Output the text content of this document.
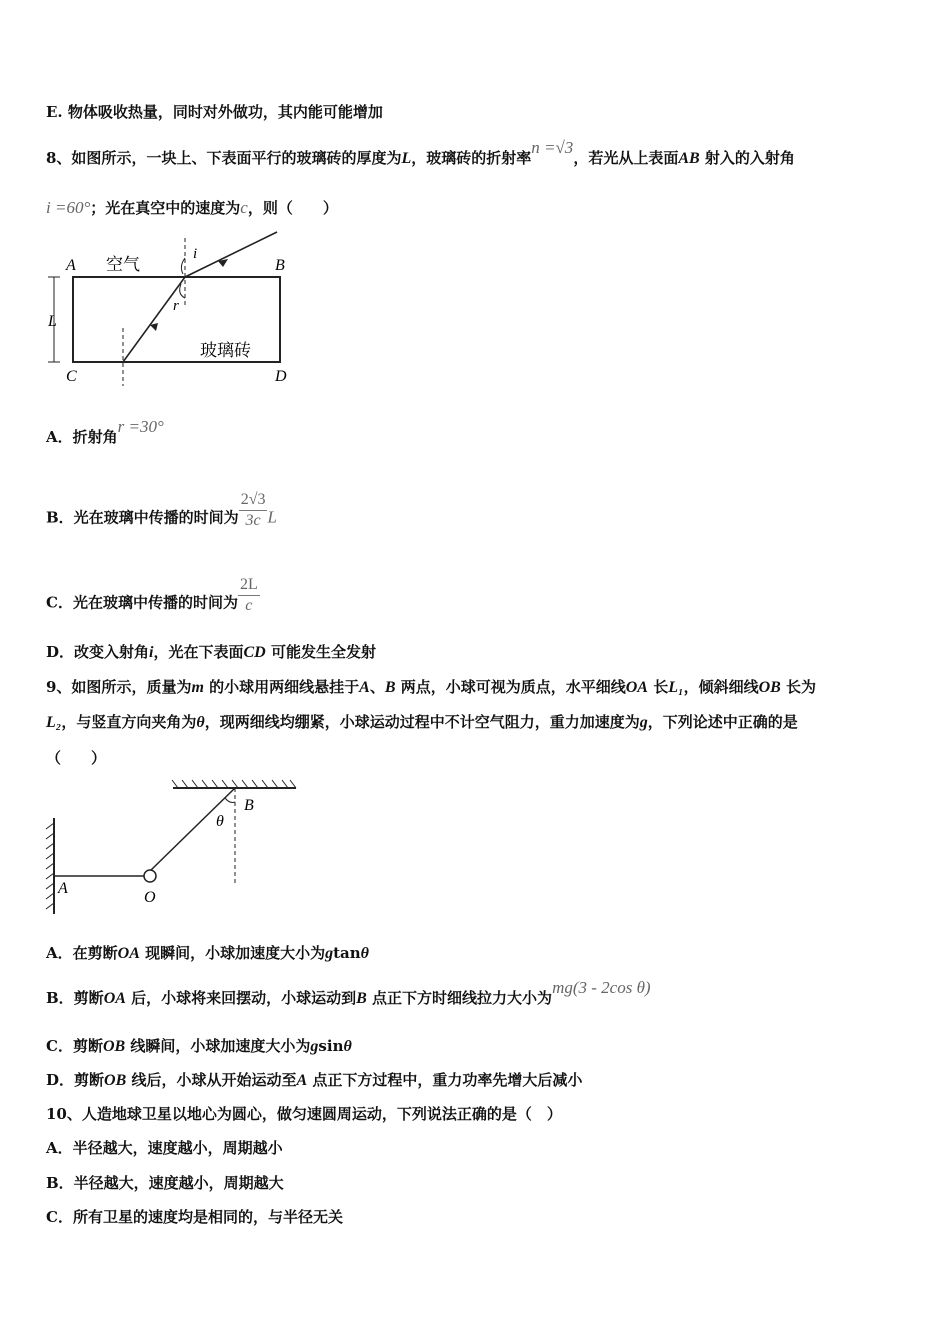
E. 物体吸收热量，同时对外做功，其内能可能增加
8、如图所示，一块上、下表面平行的玻璃砖的厚度为L，玻璃砖的折射率n =√3，若光从上表面AB 射入的入射角
i =60°；光在真空中的速度为c，则（　　）
A．折射角r =30°
B．光在玻璃中传播的时间为 $\frac{2√3}{3c}$ L
C．光在玻璃中传播的时间为 $\frac{2L}{c}$
D．改变入射角i，光在下表面CD 可能发生全发射
9、如图所示，质量为m 的小球用两细线悬挂于A、B 两点，小球可视为质点，水平细线OA 长L₁，倾斜细线OB 长为
L₂，与竖直方向夹角为θ，现两细线均绷紧，小球运动过程中不计空气阻力，重力加速度为g，下列论述中正确的是
（　　）
A．在剪断OA 现瞬间，小球加速度大小为gtanθ
B．剪断OA 后，小球将来回摆动，小球运动到B 点正下方时细线拉力大小为mg(3 - 2cos θ)
C．剪断OB 线瞬间，小球加速度大小为gsinθ
D．剪断OB 线后，小球从开始运动至A 点正下方过程中，重力功率先增大后减小
10、人造地球卫星以地心为圆心，做匀速圆周运动，下列说法正确的是（　）
A．半径越大，速度越小，周期越小
B．半径越大，速度越小，周期越大
C．所有卫星的速度均是相同的，与半径无关
A	B
C	D
L
i
r
空气
玻璃砖
A
B
O
θ
